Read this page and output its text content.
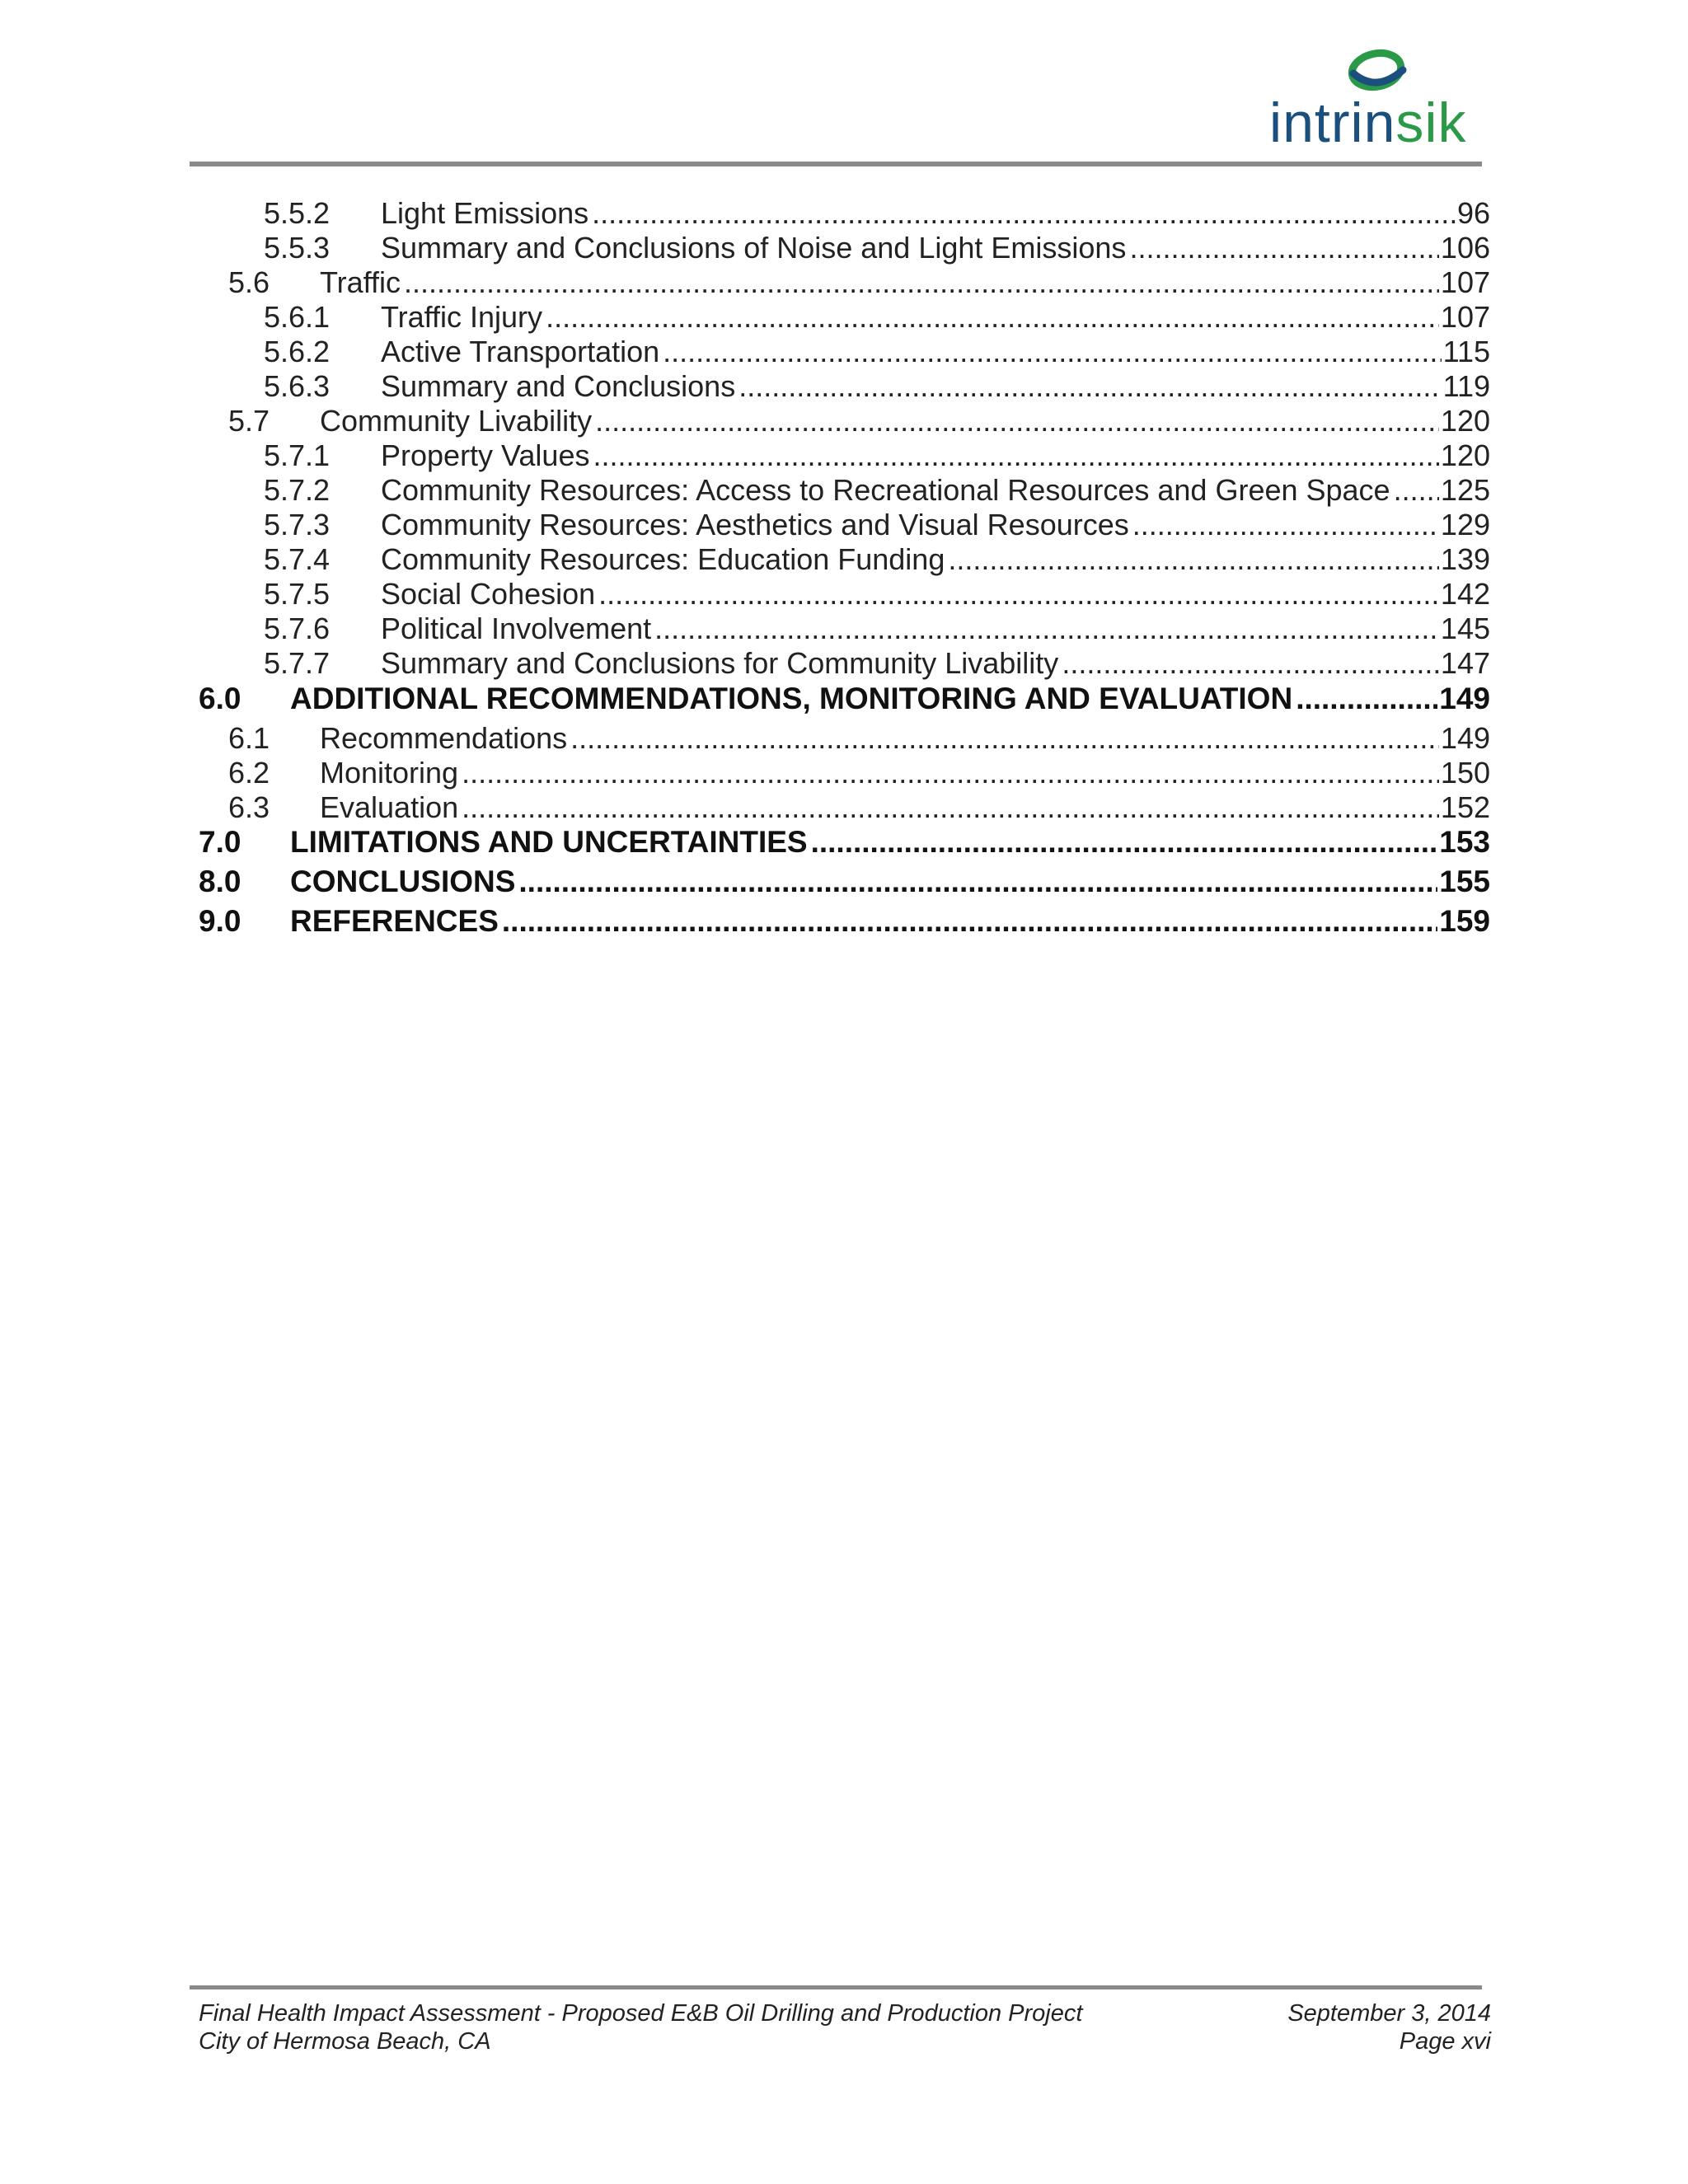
intrinsik
5.5.2	Light Emissions .....	96
5.5.3	Summary and Conclusions of Noise and Light Emissions .....	106
5.6	Traffic .....	107
5.6.1	Traffic Injury .....	107
5.6.2	Active Transportation .....	115
5.6.3	Summary and Conclusions .....	119
5.7	Community Livability .....	120
5.7.1	Property Values .....	120
5.7.2	Community Resources: Access to Recreational Resources and Green Space ..... 125
5.7.3	Community Resources: Aesthetics and Visual Resources .....	129
5.7.4	Community Resources: Education Funding .....	139
5.7.5	Social Cohesion .....	142
5.7.6	Political Involvement .....	145
5.7.7	Summary and Conclusions for Community Livability .....	147
6.0	ADDITIONAL RECOMMENDATIONS, MONITORING AND EVALUATION .....	149
6.1	Recommendations .....	149
6.2	Monitoring .....	150
6.3	Evaluation .....	152
7.0	LIMITATIONS AND UNCERTAINTIES .....	153
8.0	CONCLUSIONS .....	155
9.0	REFERENCES .....	159
Final Health Impact Assessment - Proposed E&B Oil Drilling and Production Project
City of Hermosa Beach, CA
September 3, 2014
Page xvi
